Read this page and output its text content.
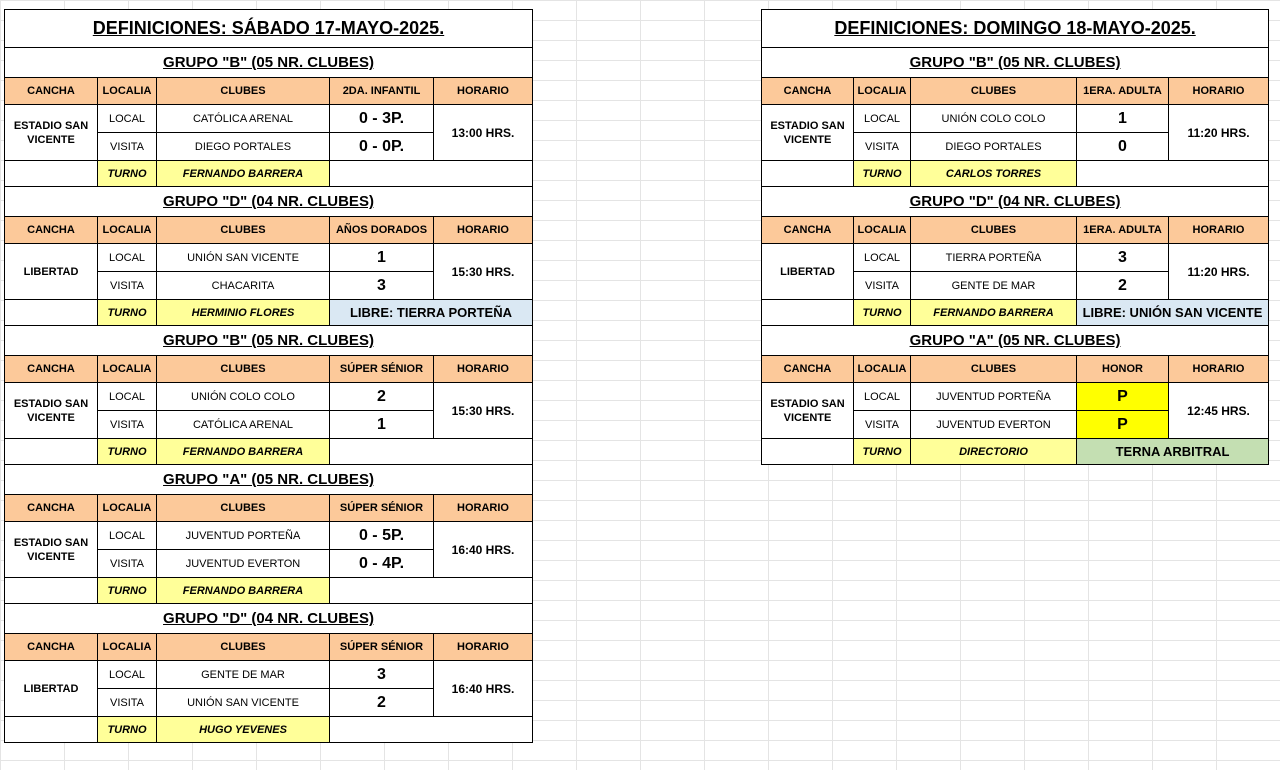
DEFINICIONES: SÁBADO 17-MAYO-2025.				
GRUPO "B" (05 NR. CLUBES)				
CANCHA	LOCALIA	CLUBES	2DA. INFANTIL	HORARIO
ESTADIO SAN VICENTE	LOCAL	CATÓLICA ARENAL	0 - 3P.	13:00 HRS.
	VISITA	DIEGO PORTALES	0 - 0P.	
	TURNO	FERNANDO BARRERA		
GRUPO "D" (04 NR. CLUBES)				
CANCHA	LOCALIA	CLUBES	AÑOS DORADOS	HORARIO
LIBERTAD	LOCAL	UNIÓN SAN VICENTE	1	15:30 HRS.
	VISITA	CHACARITA	3	
	TURNO	HERMINIO FLORES	LIBRE: TIERRA PORTEÑA	
GRUPO "B" (05 NR. CLUBES)				
CANCHA	LOCALIA	CLUBES	SÚPER SÉNIOR	HORARIO
ESTADIO SAN VICENTE	LOCAL	UNIÓN COLO COLO	2	15:30 HRS.
	VISITA	CATÓLICA ARENAL	1	
	TURNO	FERNANDO BARRERA		
GRUPO "A" (05 NR. CLUBES)				
CANCHA	LOCALIA	CLUBES	SÚPER SÉNIOR	HORARIO
ESTADIO SAN VICENTE	LOCAL	JUVENTUD PORTEÑA	0 - 5P.	16:40 HRS.
	VISITA	JUVENTUD EVERTON	0 - 4P.	
	TURNO	FERNANDO BARRERA		
GRUPO "D" (04 NR. CLUBES)				
CANCHA	LOCALIA	CLUBES	SÚPER SÉNIOR	HORARIO
LIBERTAD	LOCAL	GENTE DE MAR	3	16:40 HRS.
	VISITA	UNIÓN SAN VICENTE	2	
	TURNO	HUGO YEVENES		
DEFINICIONES: DOMINGO 18-MAYO-2025.				
GRUPO "B" (05 NR. CLUBES)				
CANCHA	LOCALIA	CLUBES	1ERA. ADULTA	HORARIO
ESTADIO SAN VICENTE	LOCAL	UNIÓN COLO COLO	1	11:20 HRS.
	VISITA	DIEGO PORTALES	0	
	TURNO	CARLOS TORRES		
GRUPO "D" (04 NR. CLUBES)				
CANCHA	LOCALIA	CLUBES	1ERA. ADULTA	HORARIO
LIBERTAD	LOCAL	TIERRA PORTEÑA	3	11:20 HRS.
	VISITA	GENTE DE MAR	2	
	TURNO	FERNANDO BARRERA	LIBRE: UNIÓN SAN VICENTE	
GRUPO "A" (05 NR. CLUBES)				
CANCHA	LOCALIA	CLUBES	HONOR	HORARIO
ESTADIO SAN VICENTE	LOCAL	JUVENTUD PORTEÑA	P	12:45 HRS.
	VISITA	JUVENTUD EVERTON	P	
	TURNO	DIRECTORIO	TERNA ARBITRAL	
